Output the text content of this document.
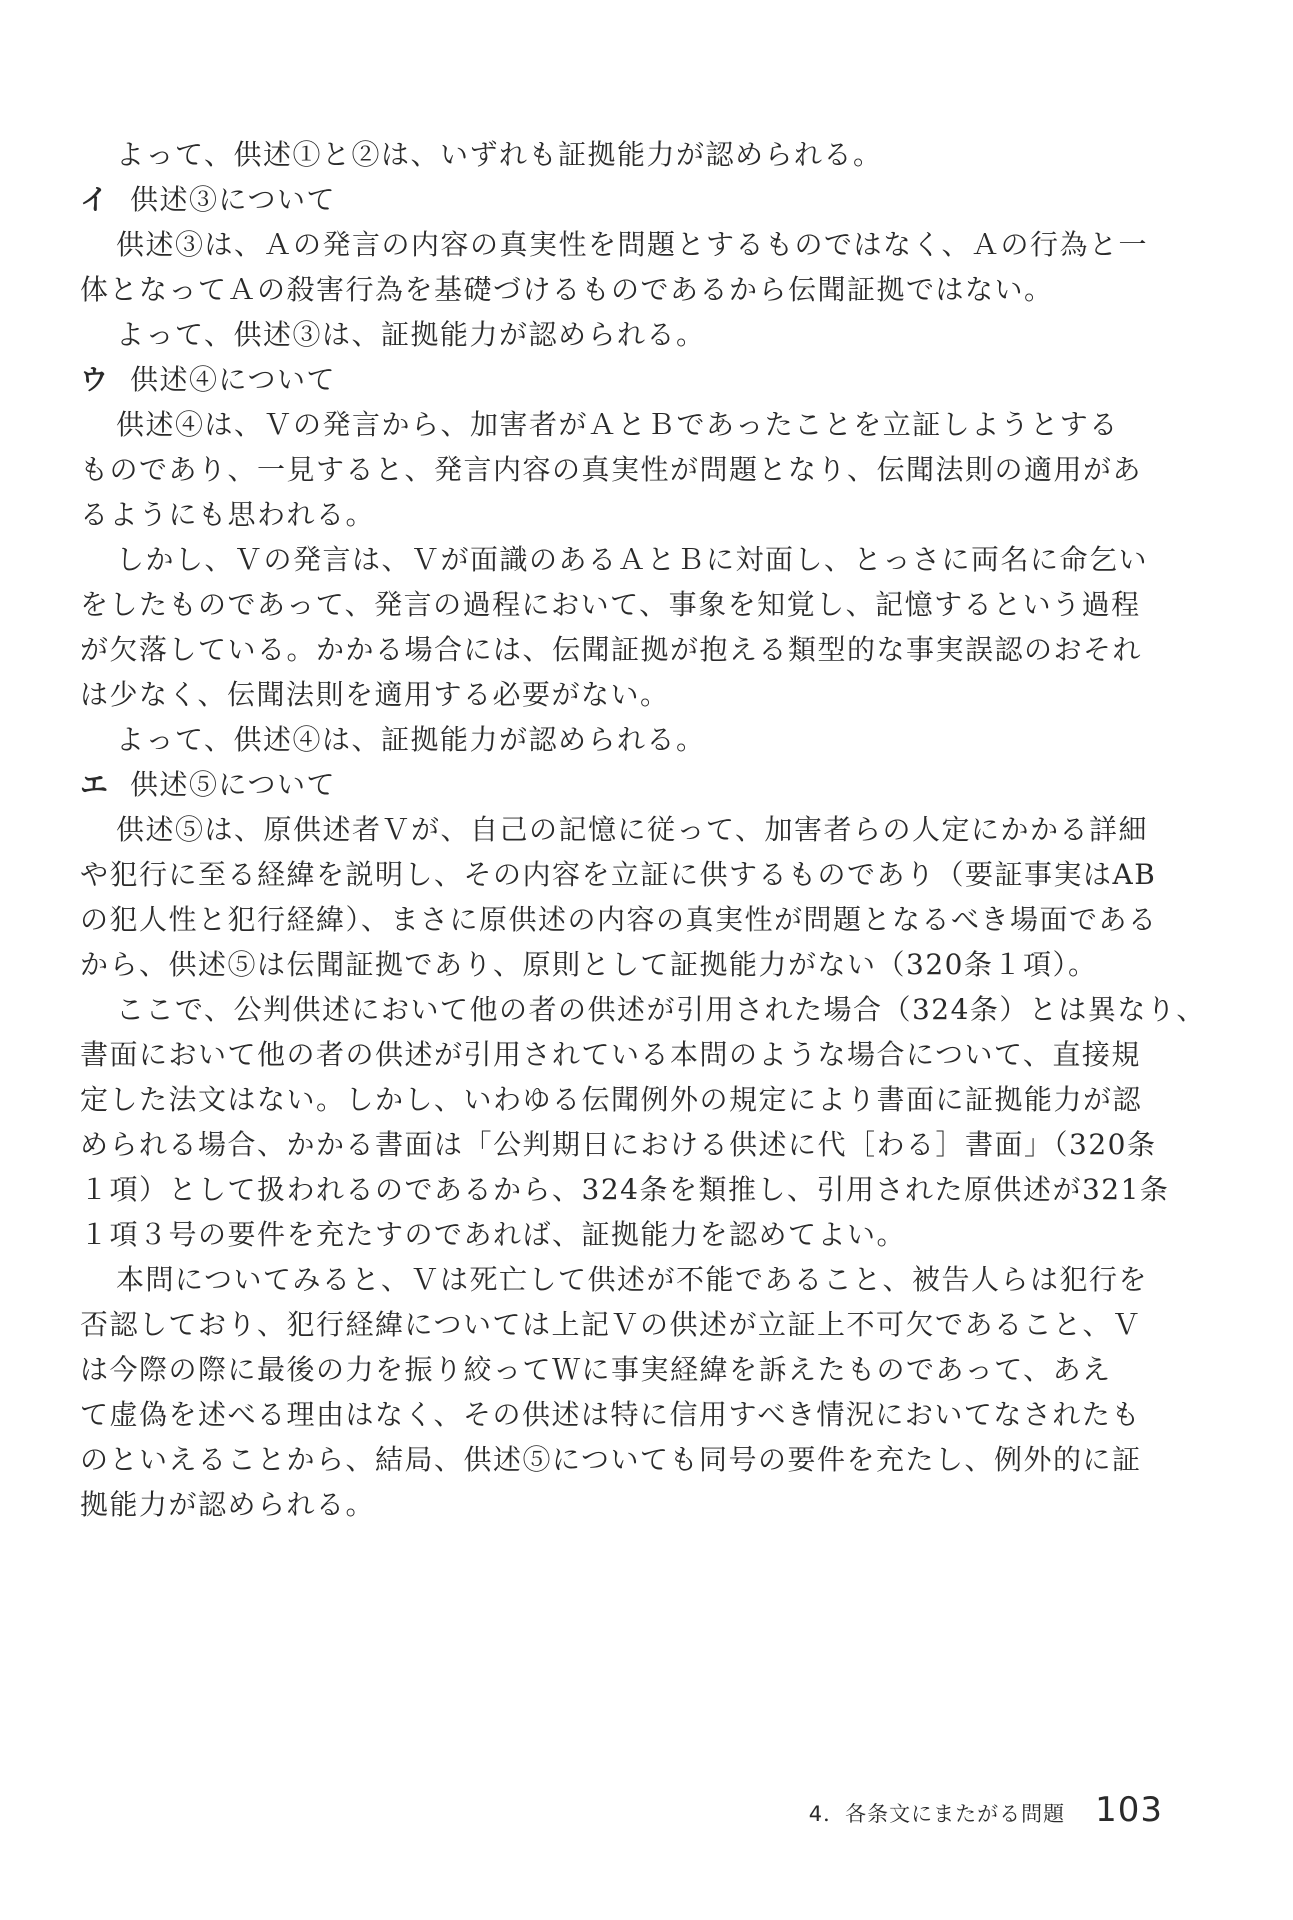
よって、供述①と②は、いずれも証拠能力が認められる。
イ 供述③について
供述③は、Ａの発言の内容の真実性を問題とするものではなく、Ａの行為と一
体となってＡの殺害行為を基礎づけるものであるから伝聞証拠ではない。
よって、供述③は、証拠能力が認められる。
ウ 供述④について
供述④は、Ｖの発言から、加害者がＡとＢであったことを立証しようとする
ものであり、一見すると、発言内容の真実性が問題となり、伝聞法則の適用があ
るようにも思われる。
しかし、Ｖの発言は、Ｖが面識のあるＡとＢに対面し、とっさに両名に命乞い
をしたものであって、発言の過程において、事象を知覚し、記憶するという過程
が欠落している。かかる場合には、伝聞証拠が抱える類型的な事実誤認のおそれ
は少なく、伝聞法則を適用する必要がない。
よって、供述④は、証拠能力が認められる。
エ 供述⑤について
供述⑤は、原供述者Ｖが、自己の記憶に従って、加害者らの人定にかかる詳細
や犯行に至る経緯を説明し、その内容を立証に供するものであり（要証事実はAB
の犯人性と犯行経緯）、まさに原供述の内容の真実性が問題となるべき場面である
から、供述⑤は伝聞証拠であり、原則として証拠能力がない（320条１項）。
ここで、公判供述において他の者の供述が引用された場合（324条）とは異なり、
書面において他の者の供述が引用されている本問のような場合について、直接規
定した法文はない。しかし、いわゆる伝聞例外の規定により書面に証拠能力が認
められる場合、かかる書面は「公判期日における供述に代［わる］書面」（320条
１項）として扱われるのであるから、324条を類推し、引用された原供述が321条
１項３号の要件を充たすのであれば、証拠能力を認めてよい。
本問についてみると、Ｖは死亡して供述が不能であること、被告人らは犯行を
否認しており、犯行経緯については上記Ｖの供述が立証上不可欠であること、Ｖ
は今際の際に最後の力を振り絞ってＷに事実経緯を訴えたものであって、あえ
て虚偽を述べる理由はなく、その供述は特に信用すべき情況においてなされたも
のといえることから、結局、供述⑤についても同号の要件を充たし、例外的に証
拠能力が認められる。
4．各条文にまたがる問題 103
